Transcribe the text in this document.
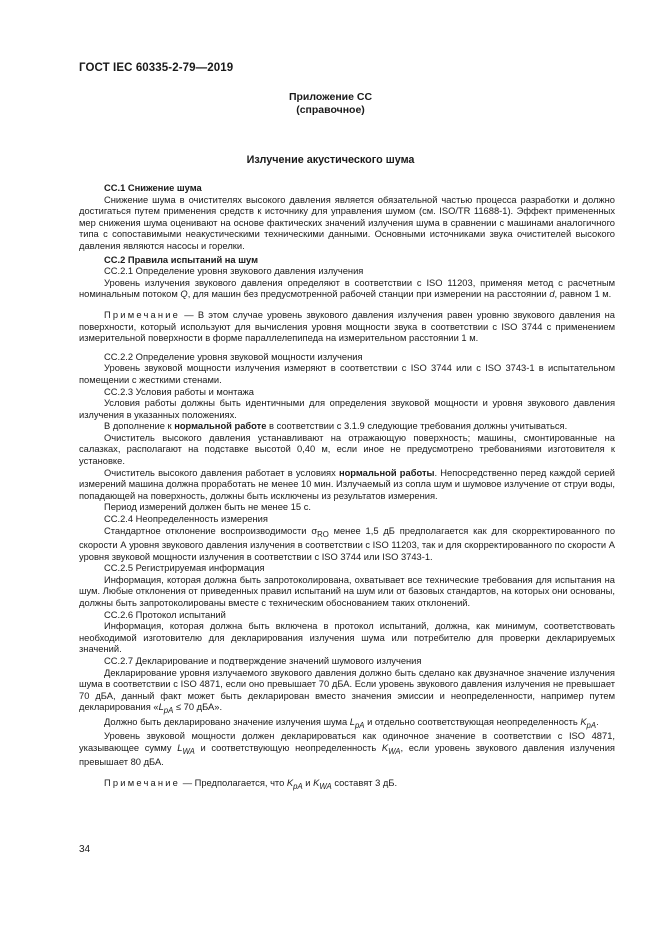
ГОСТ IEC 60335-2-79—2019
Приложение СС
(справочное)
Излучение акустического шума

СС.1 Снижение шума

Снижение шума в очистителях высокого давления является обязательной частью процесса разработки и должно достигаться путем применения средств к источнику для управления шумом (см. ISO/TR 11688-1). Эффект примененных мер снижения шума оценивают на основе фактических значений излучения шума в сравнении с машинами аналогичного типа с сопоставимыми неакустическими техническими данными. Основными источниками звука очистителей высокого давления являются насосы и горелки.

СС.2 Правила испытаний на шум

СС.2.1 Определение уровня звукового давления излучения

Уровень излучения звукового давления определяют в соответствии с ISO 11203, применяя метод с расчетным номинальным потоком Q, для машин без предусмотренной рабочей станции при измерении на расстоянии d, равном 1 м.

Примечание — В этом случае уровень звукового давления излучения равен уровню звукового давления на поверхности, который используют для вычисления уровня мощности звука в соответствии с ISO 3744 с применением измерительной поверхности в форме параллелепипеда на измерительном расстоянии 1 м.

СС.2.2 Определение уровня звуковой мощности излучения

Уровень звуковой мощности излучения измеряют в соответствии с ISO 3744 или с ISO 3743-1 в испытательном помещении с жесткими стенами.

СС.2.3 Условия работы и монтажа

Условия работы должны быть идентичными для определения звуковой мощности и уровня звукового давления излучения в указанных положениях.

В дополнение к нормальной работе в соответствии с 3.1.9 следующие требования должны учитываться.

Очиститель высокого давления устанавливают на отражающую поверхность; машины, смонтированные на салазках, располагают на подставке высотой 0,40 м, если иное не предусмотрено требованиями изготовителя к установке.

Очиститель высокого давления работает в условиях нормальной работы. Непосредственно перед каждой серией измерений машина должна проработать не менее 10 мин. Излучаемый из сопла шум и шумовое излучение от струи воды, попадающей на поверхность, должны быть исключены из результатов измерения.

Период измерений должен быть не менее 15 с.

СС.2.4 Неопределенность измерения

Стандартное отклонение воспроизводимости $\sigma_{RO}$ менее 1,5 дБ предполагается как для скорректированного по скорости А уровня звукового давления излучения в соответствии с ISO 11203, так и для скорректированного по скорости А уровня звуковой мощности излучения в соответствии с ISO 3744 или ISO 3743-1.

СС.2.5 Регистрируемая информация

Информация, которая должна быть запротоколирована, охватывает все технические требования для испытания на шум. Любые отклонения от приведенных правил испытаний на шум или от базовых стандартов, на которых они основаны, должны быть запротоколированы вместе с техническим обоснованием таких отклонений.

СС.2.6 Протокол испытаний

Информация, которая должна быть включена в протокол испытаний, должна, как минимум, соответствовать необходимой изготовителю для декларирования излучения шума или потребителю для проверки декларируемых значений.

СС.2.7 Декларирование и подтверждение значений шумового излучения

Декларирование уровня излучаемого звукового давления должно быть сделано как двузначное значение излучения шума в соответствии с ISO 4871, если оно превышает 70 дБА. Если уровень звукового давления излучения не превышает 70 дБА, данный факт может быть декларирован вместо значения эмиссии и неопределенности, например путем декларирования «$L_{pA} \le 70$ дБА».

Должно быть декларировано значение излучения шума $L_{pA}$ и отдельно соответствующая неопределенность $K_{pA}$.

Уровень звуковой мощности должен декларироваться как одиночное значение в соответствии с ISO 4871, указывающее сумму $L_{WA}$ и соответствующую неопределенность $K_{WA}$, если уровень звукового давления излучения превышает 80 дБА.

Примечание — Предполагается, что $K_{pA}$ и $K_{WA}$ составят 3 дБ.

34
